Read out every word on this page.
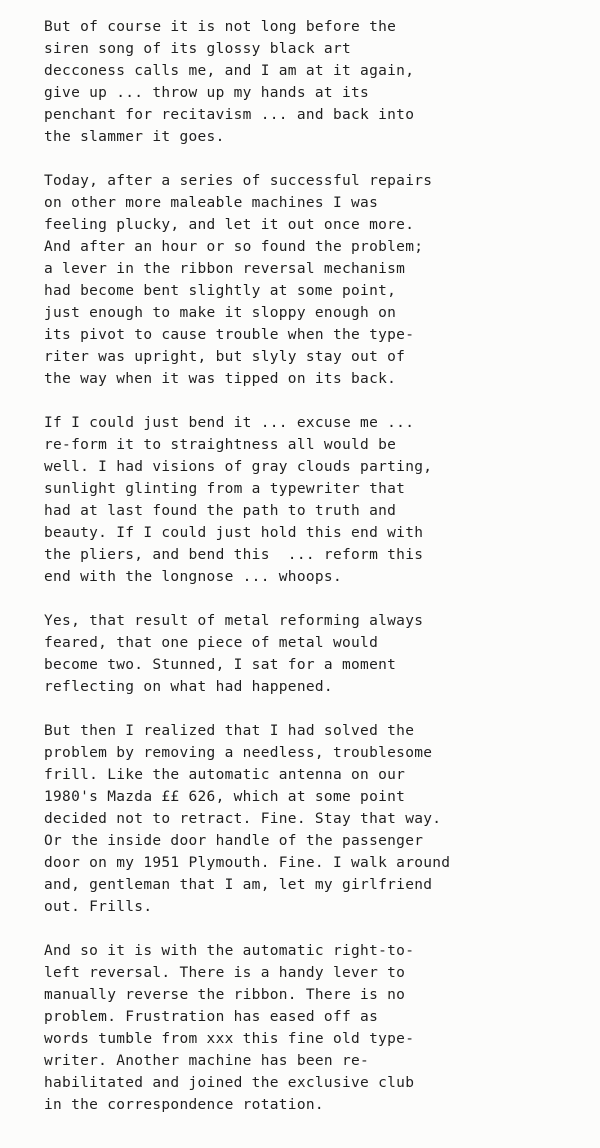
But of course it is not long before the
siren song of its glossy black art
decconess calls me, and I am at it again,
give up ... throw up my hands at its
penchant for recitavism ... and back into
the slammer it goes.
Today, after a series of successful repairs
on other more maleable machines I was
feeling plucky, and let it out once more.
And after an hour or so found the problem;
a lever in the ribbon reversal mechanism
had become bent slightly at some point,
just enough to make it sloppy enough on
its pivot to cause trouble when the type-
riter was upright, but slyly stay out of
the way when it was tipped on its back.
If I could just bend it ... excuse me ...
re-form it to straightness all would be
well. I had visions of gray clouds parting,
sunlight glinting from a typewriter that
had at last found the path to truth and
beauty. If I could just hold this end with
the pliers, and bend this  ... reform this
end with the longnose ... whoops.
Yes, that result of metal reforming always
feared, that one piece of metal would
become two. Stunned, I sat for a moment
reflecting on what had happened.
But then I realized that I had solved the
problem by removing a needless, troublesome
frill. Like the automatic antenna on our
1980's Mazda ££ 626, which at some point
decided not to retract. Fine. Stay that way.
Or the inside door handle of the passenger
door on my 1951 Plymouth. Fine. I walk around
and, gentleman that I am, let my girlfriend
out. Frills.
And so it is with the automatic right-to-
left reversal. There is a handy lever to
manually reverse the ribbon. There is no
problem. Frustration has eased off as
words tumble from xxx this fine old type-
writer. Another machine has been re-
habilitated and joined the exclusive club
in the correspondence rotation.
